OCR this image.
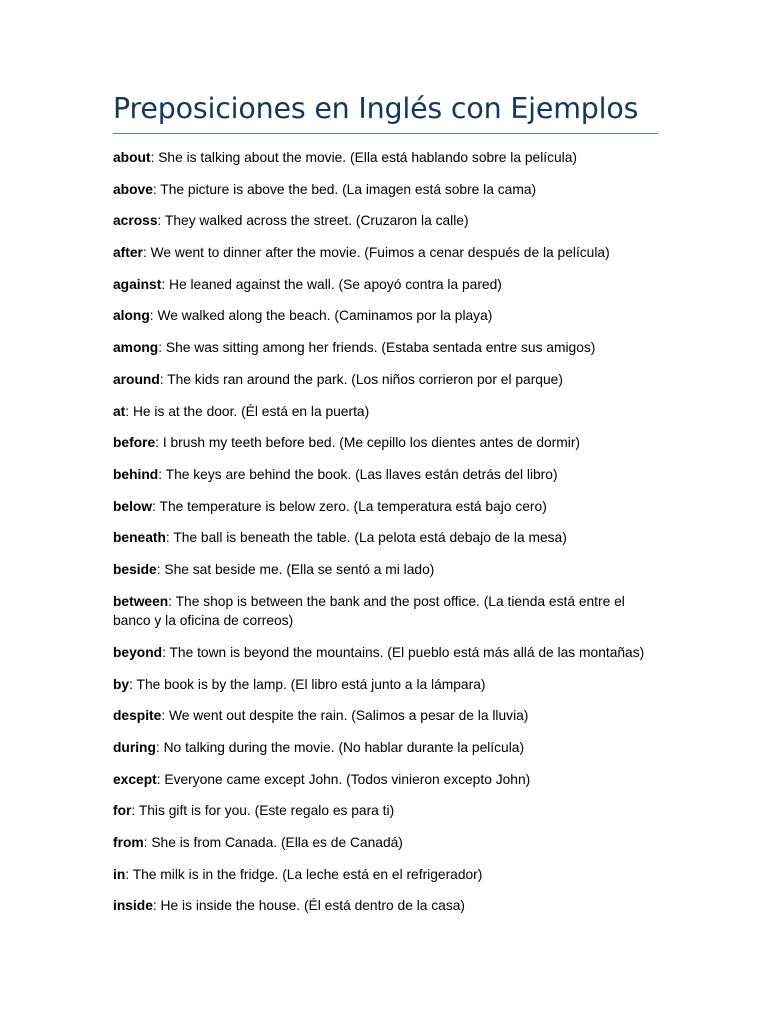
Preposiciones en Inglés con Ejemplos
about: She is talking about the movie. (Ella está hablando sobre la película)
above: The picture is above the bed. (La imagen está sobre la cama)
across: They walked across the street. (Cruzaron la calle)
after: We went to dinner after the movie. (Fuimos a cenar después de la película)
against: He leaned against the wall. (Se apoyó contra la pared)
along: We walked along the beach. (Caminamos por la playa)
among: She was sitting among her friends. (Estaba sentada entre sus amigos)
around: The kids ran around the park. (Los niños corrieron por el parque)
at: He is at the door. (Él está en la puerta)
before: I brush my teeth before bed. (Me cepillo los dientes antes de dormir)
behind: The keys are behind the book. (Las llaves están detrás del libro)
below: The temperature is below zero. (La temperatura está bajo cero)
beneath: The ball is beneath the table. (La pelota está debajo de la mesa)
beside: She sat beside me. (Ella se sentó a mi lado)
between: The shop is between the bank and the post office. (La tienda está entre el banco y la oficina de correos)
beyond: The town is beyond the mountains. (El pueblo está más allá de las montañas)
by: The book is by the lamp. (El libro está junto a la lámpara)
despite: We went out despite the rain. (Salimos a pesar de la lluvia)
during: No talking during the movie. (No hablar durante la película)
except: Everyone came except John. (Todos vinieron excepto John)
for: This gift is for you. (Este regalo es para ti)
from: She is from Canada. (Ella es de Canadá)
in: The milk is in the fridge. (La leche está en el refrigerador)
inside: He is inside the house. (Él está dentro de la casa)
